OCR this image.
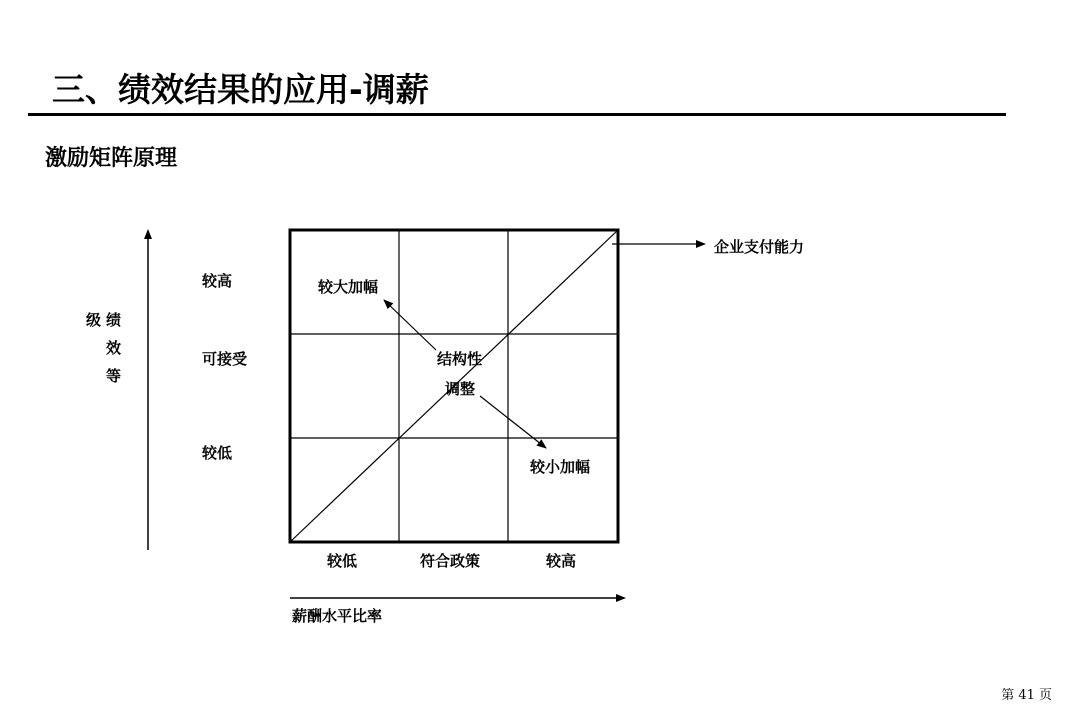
三、绩效结果的应用-调薪
激励矩阵原理
级 绩
效
等
较高
可接受
较低
较低	符合政策	较高
薪酬水平比率
企业支付能力
较大加幅
结构性
调整
较小加幅
第 41 页
